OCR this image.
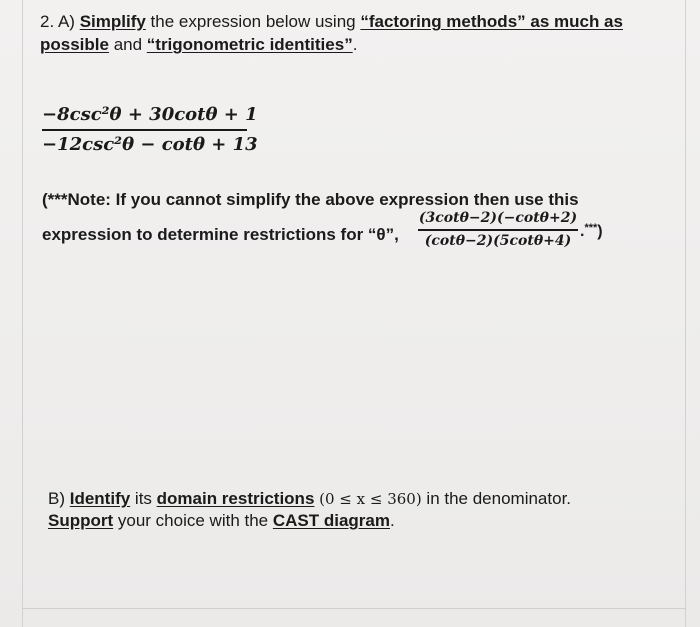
2. A) Simplify the expression below using “factoring methods” as much as possible and “trigonometric identities”.
−8csc²θ + 30cotθ + 1
−12csc²θ − cotθ + 13
(***Note: If you cannot simplify the above expression then use this
expression to determine restrictions for “θ”,
(3cotθ−2)(−cotθ+2)
(cotθ−2)(5cotθ+4)
.***)
B) Identify its domain restrictions (0 ≤ x ≤ 360) in the denominator.
Support your choice with the CAST diagram.
